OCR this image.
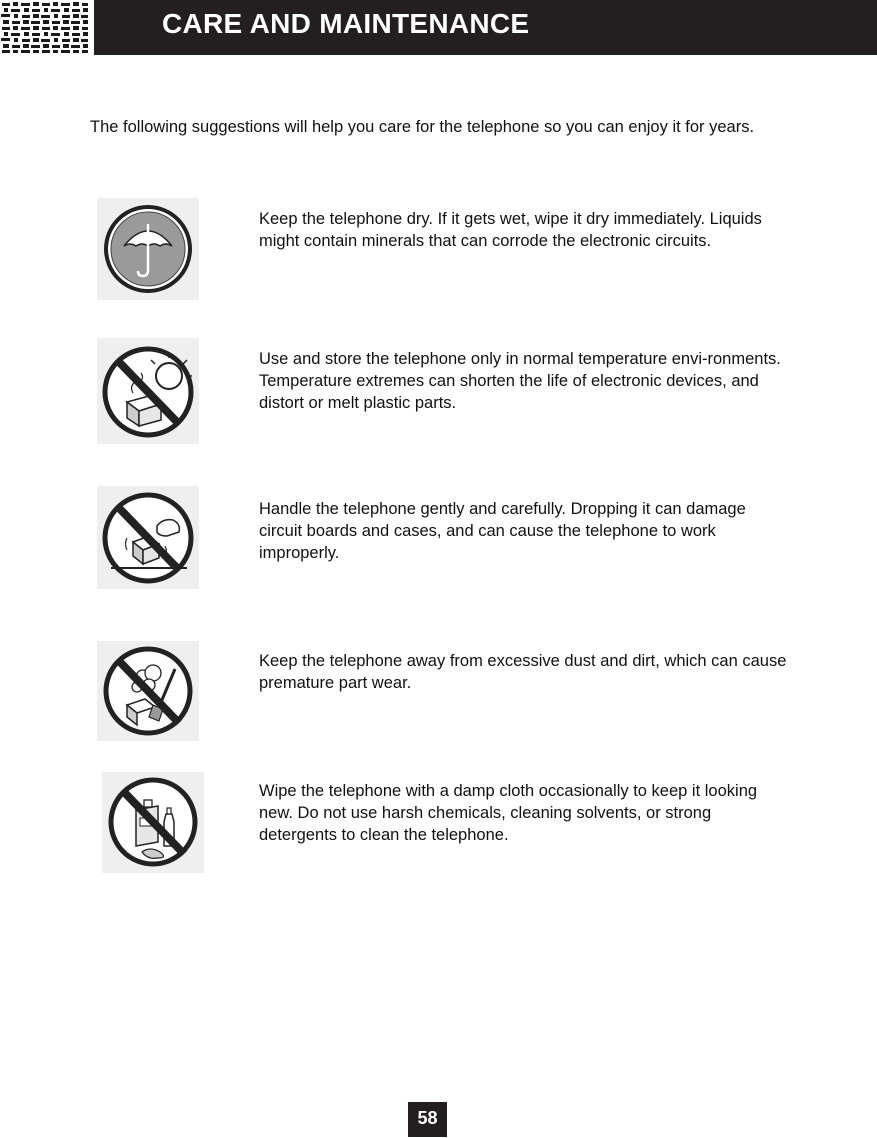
CARE AND MAINTENANCE
The following suggestions will help you care for the telephone so you can enjoy it for years.
Keep the telephone dry. If it gets wet, wipe it dry immediately. Liquids might contain minerals that can corrode the electronic circuits.
Use and store the telephone only in normal temperature envi-ronments. Temperature extremes can shorten the life of electronic devices, and distort or melt plastic parts.
Handle the telephone gently and carefully. Dropping it can damage circuit boards and cases, and can cause the telephone to work improperly.
Keep the telephone away from excessive dust and dirt, which can cause premature part wear.
Wipe the telephone with a damp cloth occasionally to keep it looking new. Do not use harsh chemicals, cleaning solvents, or strong detergents to clean the telephone.
58
